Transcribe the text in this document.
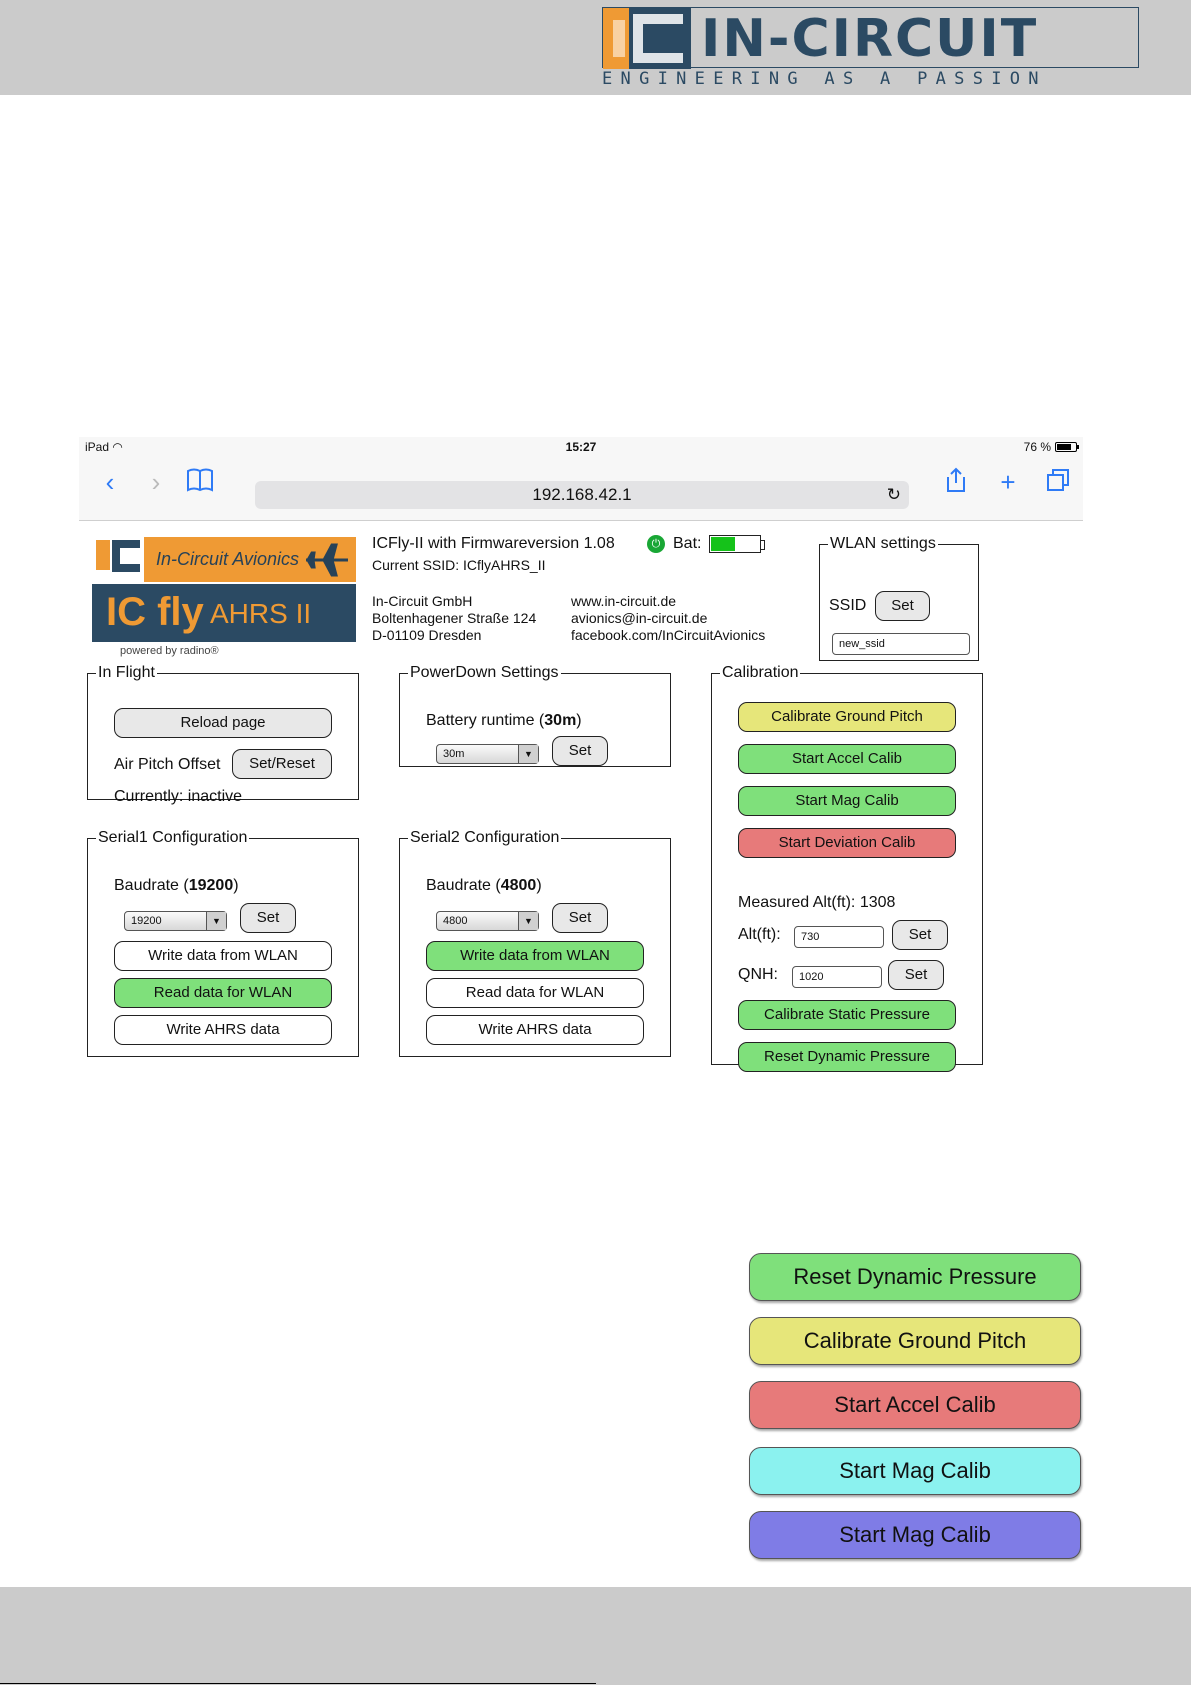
IN-CIRCUIT
ENGINEERING AS A PASSION
iPad ◠	15:27	76 %
‹	›	192.168.42.1	↻	+
In-Circuit Avionics
IC fly AHRS II
powered by radino®
ICFly-II with Firmwareversion 1.08
Current SSID: ICflyAHRS_II
⏻ Bat:
In-Circuit GmbH
Boltenhagener Straße 124
D-01109 Dresden
www.in-circuit.de
avionics@in-circuit.de
facebook.com/InCircuitAvionics
WLAN settings
SSID	Set
new_ssid
In Flight
Reload page
Air Pitch Offset	Set/Reset
Currently: inactive
PowerDown Settings
Battery runtime (30m)
30m	▼	Set
Calibration
Calibrate Ground Pitch
Start Accel Calib
Start Mag Calib
Start Deviation Calib
Measured Alt(ft): 1308
Alt(ft):	730	Set
QNH:	1020	Set
Calibrate Static Pressure
Reset Dynamic Pressure
Serial1 Configuration
Baudrate (19200)
19200	▼	Set
Write data from WLAN
Read data for WLAN
Write AHRS data
Serial2 Configuration
Baudrate (4800)
4800	▼	Set
Write data from WLAN
Read data for WLAN
Write AHRS data
Reset Dynamic Pressure
Calibrate Ground Pitch
Start Accel Calib
Start Mag Calib
Start Mag Calib
